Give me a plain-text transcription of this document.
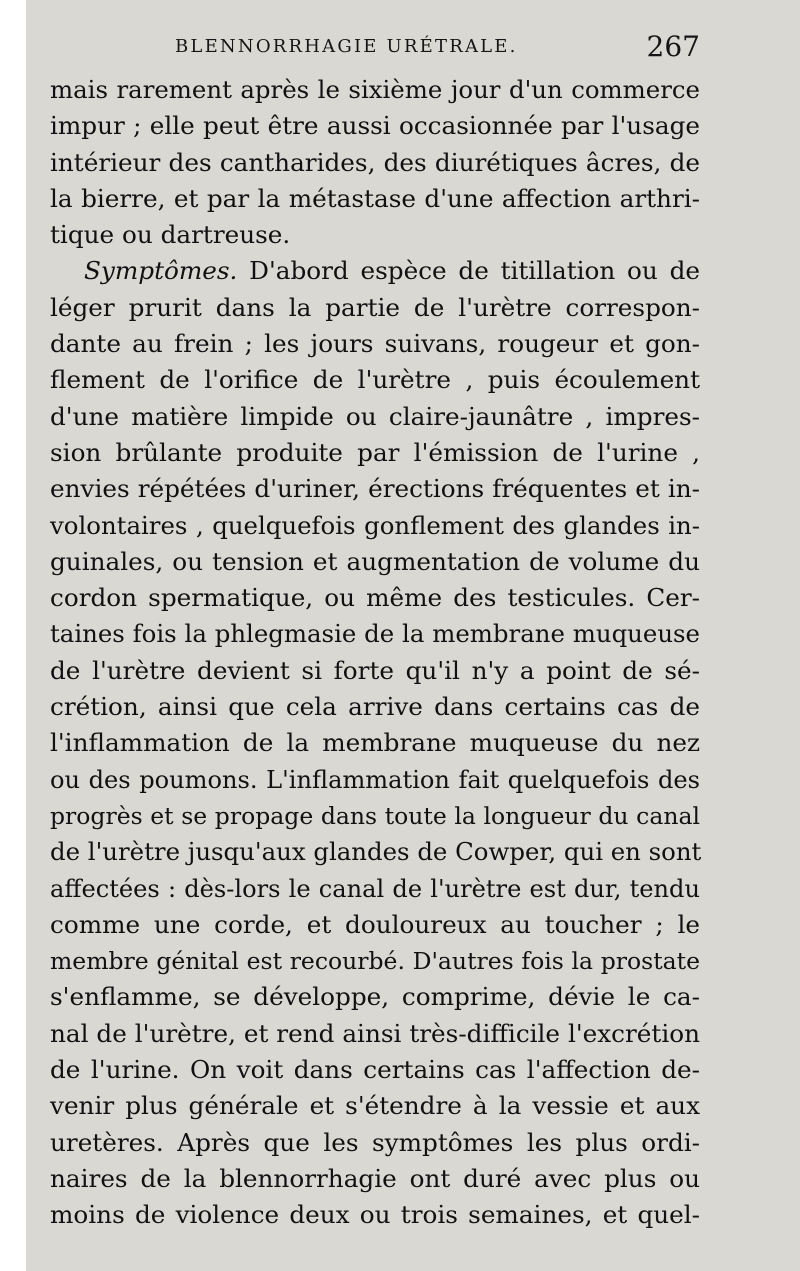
BLENNORRHAGIE URÉTRALE.	267
mais rarement après le sixième jour d'un commerce
impur ; elle peut être aussi occasionnée par l'usage
intérieur des cantharides, des diurétiques âcres, de
la bierre, et par la métastase d'une affection arthri-
tique ou dartreuse.
Symptômes. D'abord espèce de titillation ou de
léger prurit dans la partie de l'urètre correspon-
dante au frein ; les jours suivans, rougeur et gon-
flement de l'orifice de l'urètre , puis écoulement
d'une matière limpide ou claire-jaunâtre , impres-
sion brûlante produite par l'émission de l'urine ,
envies répétées d'uriner, érections fréquentes et in-
volontaires , quelquefois gonflement des glandes in-
guinales, ou tension et augmentation de volume du
cordon spermatique, ou même des testicules. Cer-
taines fois la phlegmasie de la membrane muqueuse
de l'urètre devient si forte qu'il n'y a point de sé-
crétion, ainsi que cela arrive dans certains cas de
l'inflammation de la membrane muqueuse du nez
ou des poumons. L'inflammation fait quelquefois des
progrès et se propage dans toute la longueur du canal
de l'urètre jusqu'aux glandes de Cowper, qui en sont
affectées : dès-lors le canal de l'urètre est dur, tendu
comme une corde, et douloureux au toucher ; le
membre génital est recourbé. D'autres fois la prostate
s'enflamme, se développe, comprime, dévie le ca-
nal de l'urètre, et rend ainsi très-difficile l'excrétion
de l'urine. On voit dans certains cas l'affection de-
venir plus générale et s'étendre à la vessie et aux
uretères. Après que les symptômes les plus ordi-
naires de la blennorrhagie ont duré avec plus ou
moins de violence deux ou trois semaines, et quel-
